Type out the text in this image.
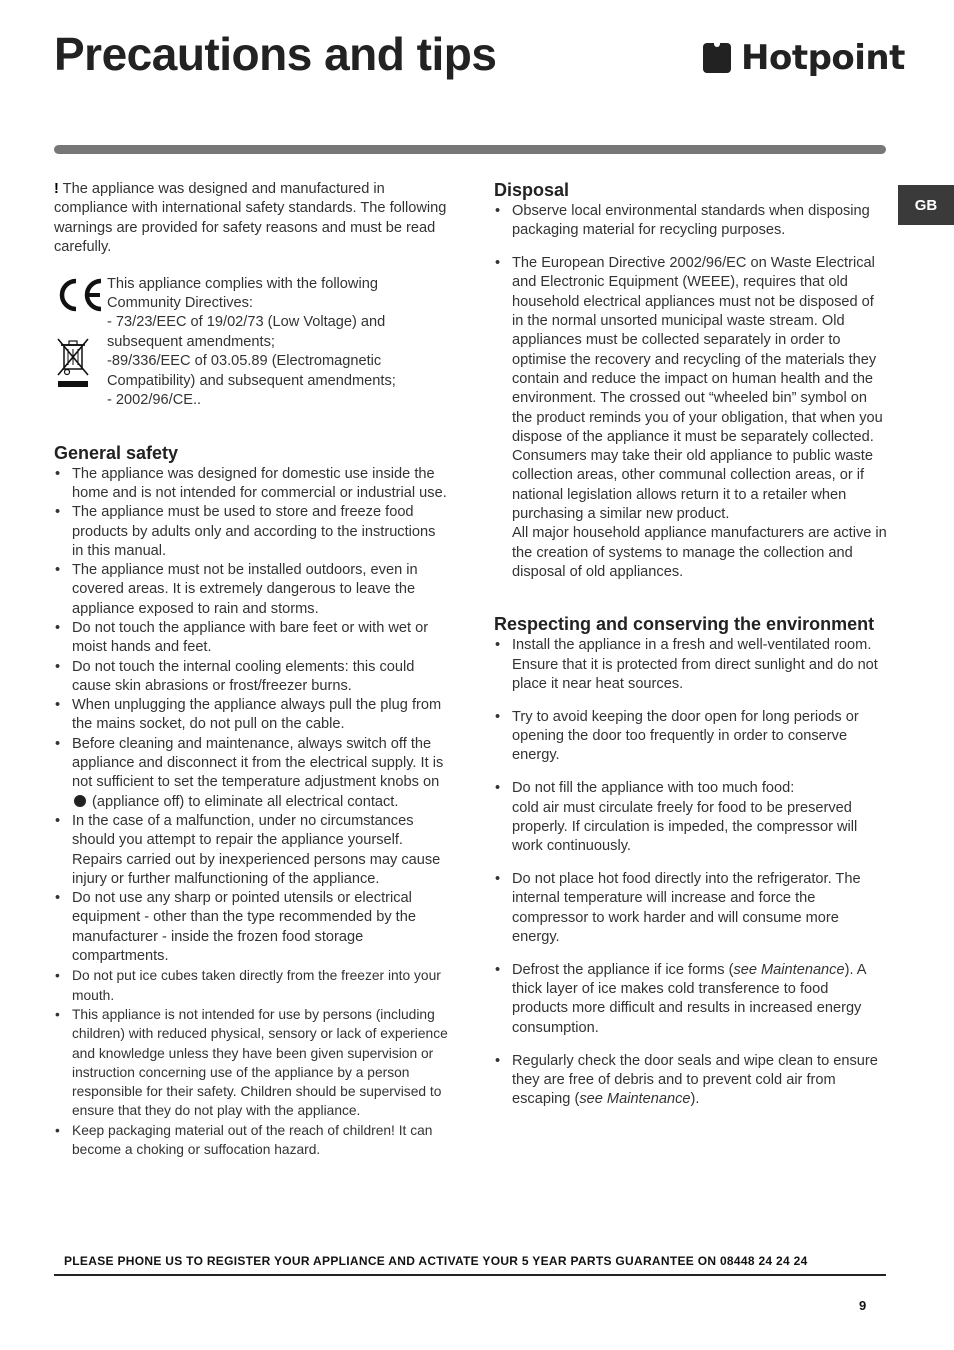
Precautions and tips	Hotpoint
GB

! The appliance was designed and manufactured in compliance with international safety standards. The following warnings are provided for safety reasons and must be read carefully.

This appliance complies with the following Community Directives:

- 73/23/EEC of 19/02/73 (Low Voltage) and subsequent amendments;

-89/336/EEC of 03.05.89 (Electromagnetic Compatibility) and subsequent amendments;

- 2002/96/CE..

General safety
• The appliance was designed for domestic use inside the home and is not intended for commercial or industrial use.
• The appliance must be used to store and freeze food products by adults only and according to the instructions in this manual.
• The appliance must not be installed outdoors, even in covered areas. It is extremely dangerous to leave the appliance exposed to rain and storms.
• Do not touch the appliance with bare feet or with wet or moist hands and feet.
• Do not touch the internal cooling elements: this could cause skin abrasions or frost/freezer burns.
• When unplugging the appliance always pull the plug from the mains socket, do not pull on the cable.
• Before cleaning and maintenance, always switch off the appliance and disconnect it from the electrical supply. It is not sufficient to set the temperature adjustment knobs on  (appliance off) to eliminate all electrical contact.
• In the case of a malfunction, under no circumstances should you attempt to repair the appliance yourself. Repairs carried out by inexperienced persons may cause injury or further malfunctioning of the appliance.
• Do not use any sharp or pointed utensils or electrical equipment - other than the type recommended by the manufacturer - inside the frozen food storage compartments.
• Do not put ice cubes taken directly from the freezer into your mouth.
• This appliance is not intended for use by persons (including children) with reduced physical, sensory or lack of experience and knowledge unless they have been given supervision or instruction concerning use of the appliance by a person responsible for their safety. Children should be supervised to ensure that they do not play with the appliance.
• Keep packaging material out of the reach of children! It can become a choking or suffocation hazard.
Disposal
• Observe local environmental standards when disposing packaging material for recycling purposes.
• The European Directive 2002/96/EC on Waste Electrical and Electronic Equipment (WEEE), requires that old household electrical appliances must not be disposed of in the normal unsorted municipal waste stream. Old appliances must be collected separately in order to optimise the recovery and recycling of the materials they contain and reduce the impact on human health and the environment. The crossed out “wheeled bin” symbol on the product reminds you of your obligation, that when you dispose of the appliance it must be separately collected.
Consumers may take their old appliance to public waste collection areas, other communal collection areas, or if national legislation allows return it to a retailer when purchasing a similar new product.
All major household appliance manufacturers are active in the creation of systems to manage the collection and disposal of old appliances.
Respecting and conserving the environment
• Install the appliance in a fresh and well-ventilated room. Ensure that it is protected from direct sunlight and do not place it near heat sources.
• Try to avoid keeping the door open for long periods or opening the door too frequently in order to conserve energy.
• Do not fill the appliance with too much food:
cold air must circulate freely for food to be preserved properly. If circulation is impeded, the compressor will work continuously.
• Do not place hot food directly into the refrigerator. The internal temperature will increase and force the compressor to work harder and will consume more energy.
• Defrost the appliance if ice forms (see Maintenance). A thick layer of ice makes cold transference to food products more difficult and results in increased energy consumption.
• Regularly check the door seals and wipe clean to ensure they are free of debris and to prevent cold air from escaping (see Maintenance).
PLEASE PHONE US TO REGISTER YOUR APPLIANCE AND ACTIVATE YOUR 5 YEAR PARTS GUARANTEE ON 08448 24 24 24
9
